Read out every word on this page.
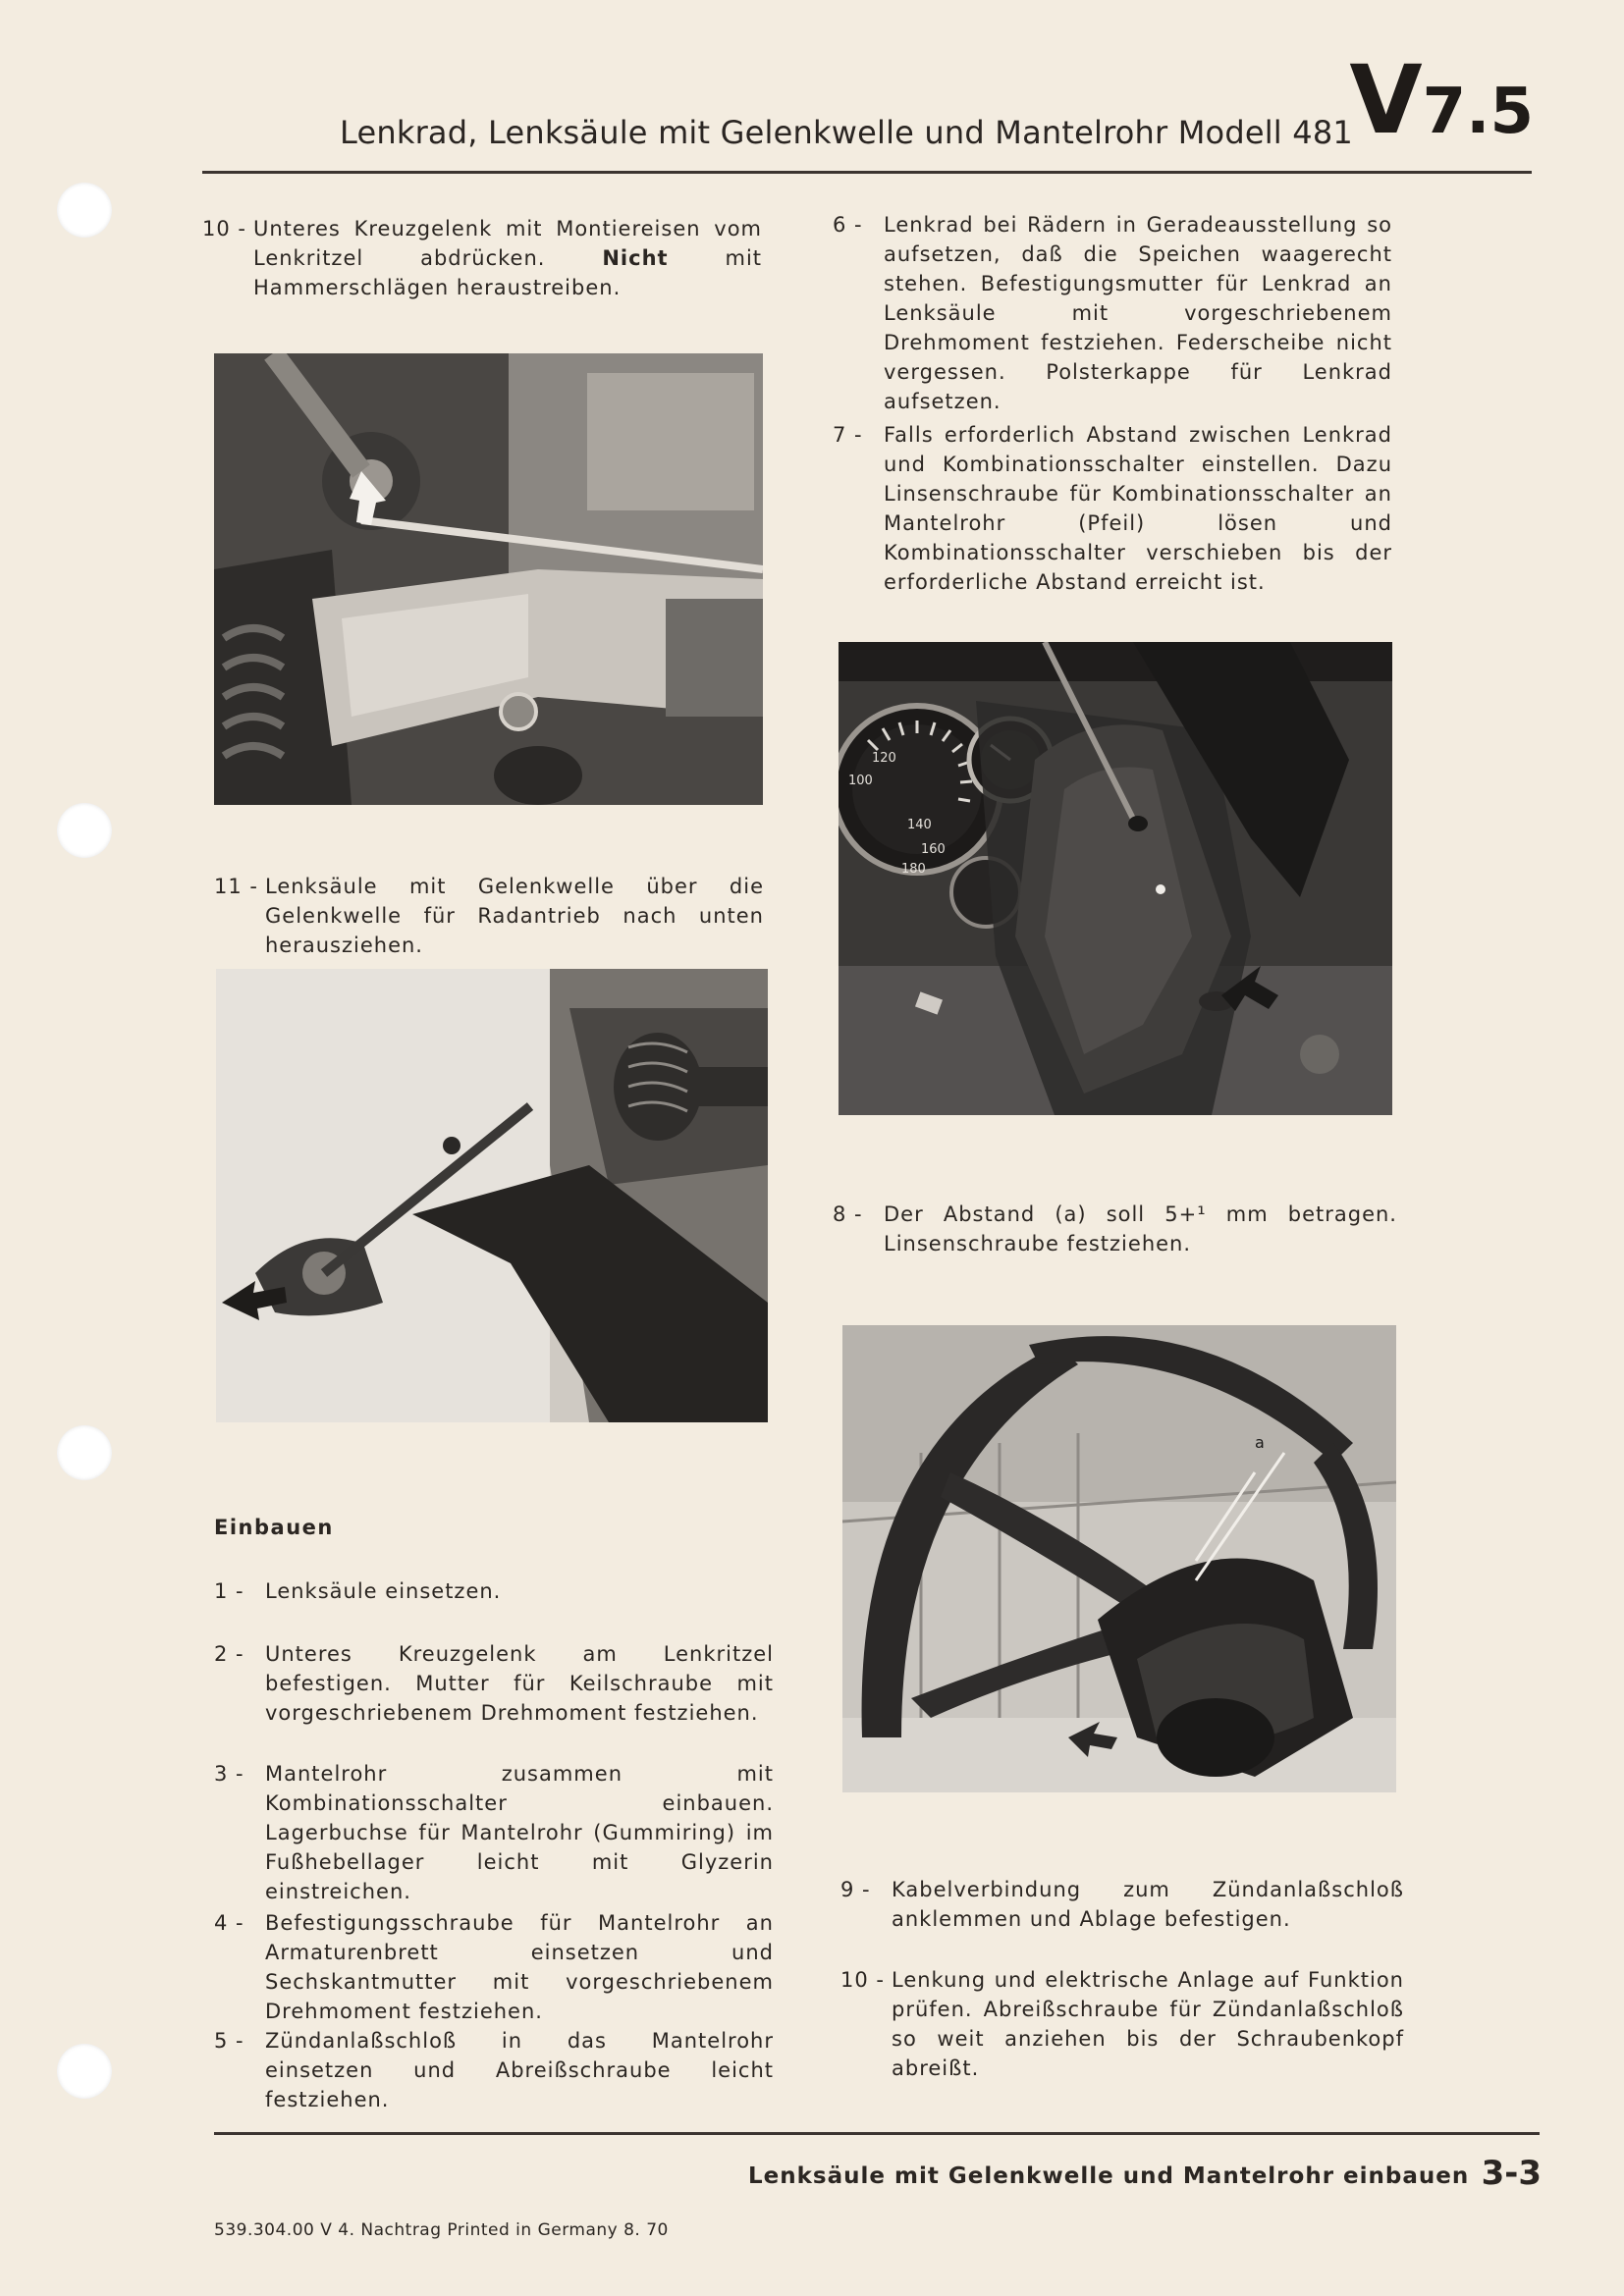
Lenkrad, Lenksäule mit Gelenkwelle und Mantelrohr Modell 481
V7.5
10 - Unteres Kreuzgelenk mit Montiereisen vom Lenkritzel abdrücken. Nicht mit Hammerschlägen heraustreiben.
11 - Lenksäule mit Gelenkwelle über die Gelenkwelle für Radantrieb nach unten herausziehen.
Einbauen
1 - Lenksäule einsetzen.
2 - Unteres Kreuzgelenk am Lenkritzel befestigen. Mutter für Keilschraube mit vorgeschriebenem Drehmoment festziehen.
3 - Mantelrohr zusammen mit Kombinationsschalter einbauen. Lagerbuchse für Mantelrohr (Gummiring) im Fußhebellager leicht mit Glyzerin einstreichen.
4 - Befestigungsschraube für Mantelrohr an Armaturenbrett einsetzen und Sechskantmutter mit vorgeschriebenem Drehmoment festziehen.
5 - Zündanlaßschloß in das Mantelrohr einsetzen und Abreißschraube leicht festziehen.
6 - Lenkrad bei Rädern in Geradeausstellung so aufsetzen, daß die Speichen waagerecht stehen. Befestigungsmutter für Lenkrad an Lenksäule mit vorgeschriebenem Drehmoment festziehen. Federscheibe nicht vergessen. Polsterkappe für Lenkrad aufsetzen.
7 - Falls erforderlich Abstand zwischen Lenkrad und Kombinationsschalter einstellen. Dazu Linsenschraube für Kombinationsschalter an Mantelrohr (Pfeil) lösen und Kombinationsschalter verschieben bis der erforderliche Abstand erreicht ist.
100
120
140
160
180
8 - Der Abstand (a) soll 5+¹ mm betragen. Linsenschraube festziehen.
a
9 - Kabelverbindung zum Zündanlaßschloß anklemmen und Ablage befestigen.
10 - Lenkung und elektrische Anlage auf Funktion prüfen. Abreißschraube für Zündanlaßschloß so weit anziehen bis der Schraubenkopf abreißt.
Lenksäule mit Gelenkwelle und Mantelrohr einbauen 3-3
539.304.00 V 4. Nachtrag Printed in Germany 8. 70
